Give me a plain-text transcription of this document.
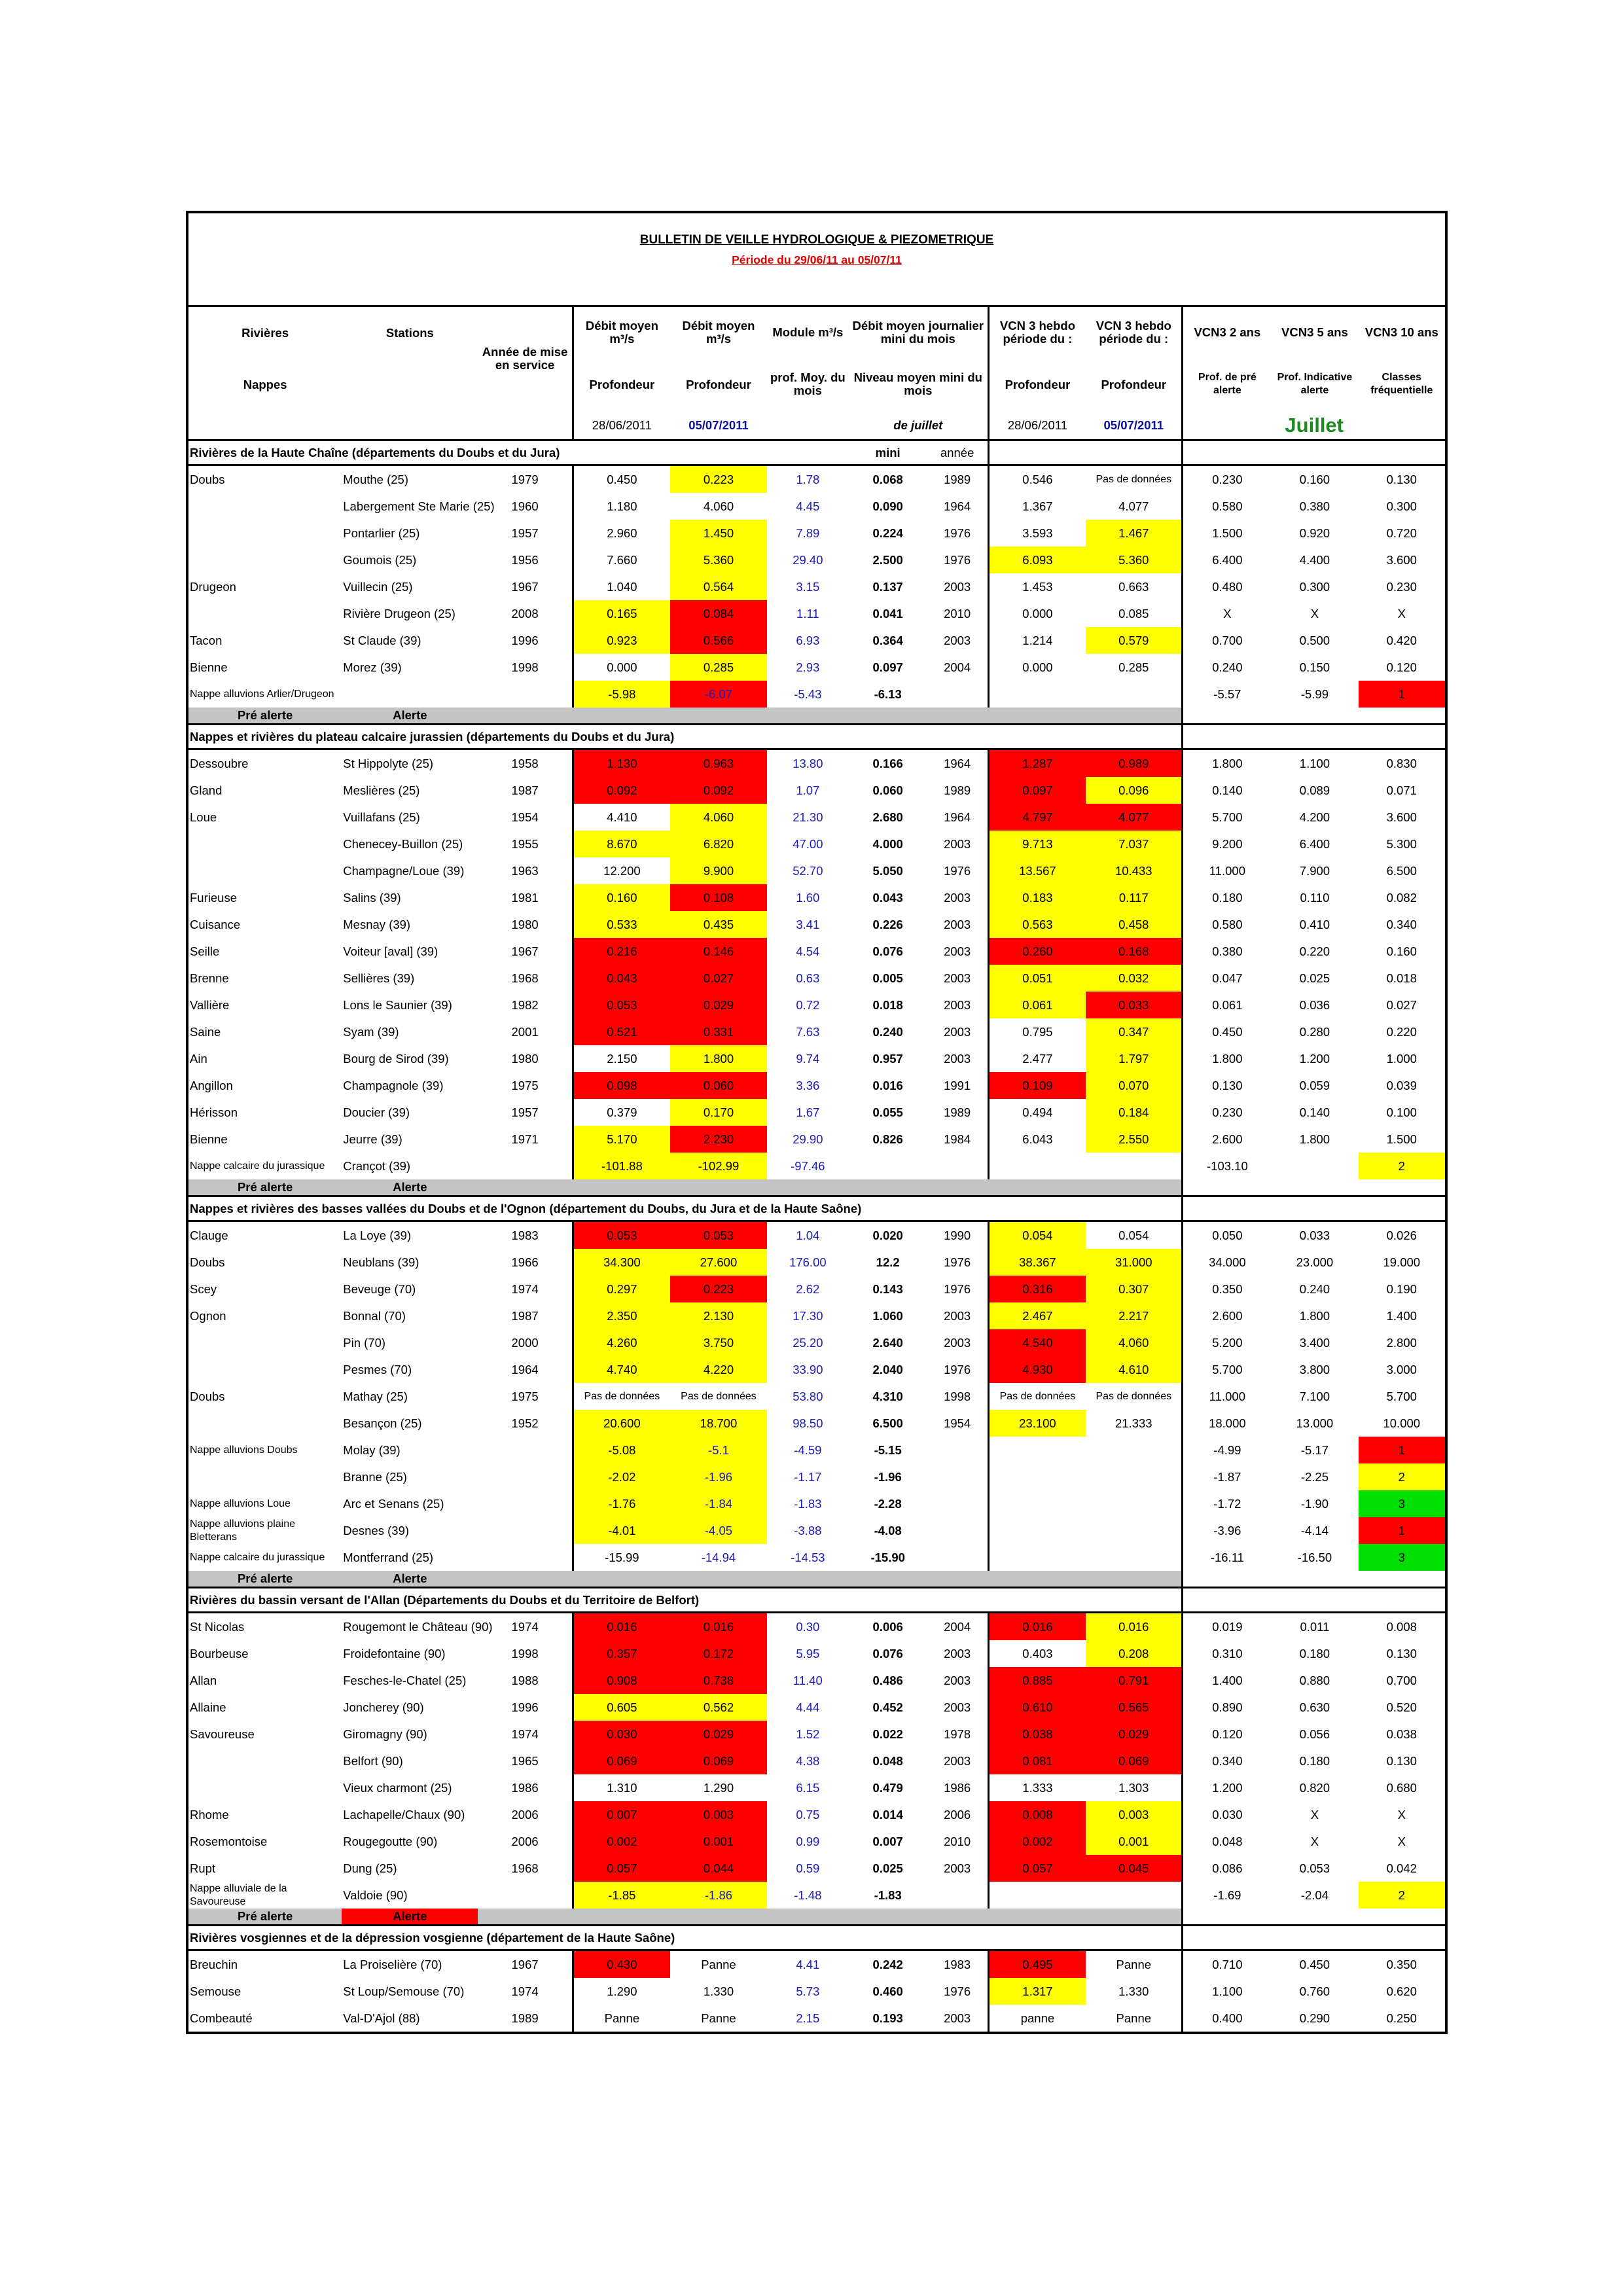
BULLETIN DE VEILLE HYDROLOGIQUE & PIEZOMETRIQUE
Période du 29/06/11 au 05/07/11												

Rivières	Stations	Année de mise en service	Débit moyen m³/s	Débit moyen m³/s	Module m³/s	Débit moyen journalier mini du mois		VCN 3 hebdo période du :	VCN 3 hebdo période du :	VCN3 2 ans	VCN3 5 ans	VCN3 10 ans
Nappes			Profondeur	Profondeur	prof. Moy. du mois	Niveau moyen mini du mois		Profondeur	Profondeur	Prof. de pré alerte	Prof. Indicative alerte	Classes fréquentielle
			28/06/2011	05/07/2011		de juillet		28/06/2011	05/07/2011	Juillet		
Rivières de la Haute Chaîne (départements du Doubs et du Jura)						mini	année					
Doubs	Mouthe (25)	1979	0.450	0.223	1.78	0.068	1989	0.546	Pas de données	0.230	0.160	0.130
	Labergement Ste Marie (25)	1960	1.180	4.060	4.45	0.090	1964	1.367	4.077	0.580	0.380	0.300
	Pontarlier (25)	1957	2.960	1.450	7.89	0.224	1976	3.593	1.467	1.500	0.920	0.720
	Goumois (25)	1956	7.660	5.360	29.40	2.500	1976	6.093	5.360	6.400	4.400	3.600
Drugeon	Vuillecin (25)	1967	1.040	0.564	3.15	0.137	2003	1.453	0.663	0.480	0.300	0.230
	Rivière Drugeon (25)	2008	0.165	0.084	1.11	0.041	2010	0.000	0.085	X	X	X
Tacon	St Claude (39)	1996	0.923	0.566	6.93	0.364	2003	1.214	0.579	0.700	0.500	0.420
Bienne	Morez (39)	1998	0.000	0.285	2.93	0.097	2004	0.000	0.285	0.240	0.150	0.120
Nappe alluvions Arlier/Drugeon			-5.98	-6.07	-5.43	-6.13				-5.57	-5.99	1
Pré alerte	Alerte											
Nappes et rivières du plateau calcaire jurassien (départements du Doubs et du Jura)												
Dessoubre	St Hippolyte (25)	1958	1.130	0.963	13.80	0.166	1964	1.287	0.989	1.800	1.100	0.830
Gland	Meslières (25)	1987	0.092	0.092	1.07	0.060	1989	0.097	0.096	0.140	0.089	0.071
Loue	Vuillafans (25)	1954	4.410	4.060	21.30	2.680	1964	4.797	4.077	5.700	4.200	3.600
	Chenecey-Buillon (25)	1955	8.670	6.820	47.00	4.000	2003	9.713	7.037	9.200	6.400	5.300
	Champagne/Loue (39)	1963	12.200	9.900	52.70	5.050	1976	13.567	10.433	11.000	7.900	6.500
Furieuse	Salins (39)	1981	0.160	0.108	1.60	0.043	2003	0.183	0.117	0.180	0.110	0.082
Cuisance	Mesnay (39)	1980	0.533	0.435	3.41	0.226	2003	0.563	0.458	0.580	0.410	0.340
Seille	Voiteur [aval] (39)	1967	0.216	0.146	4.54	0.076	2003	0.260	0.168	0.380	0.220	0.160
Brenne	Sellières (39)	1968	0.043	0.027	0.63	0.005	2003	0.051	0.032	0.047	0.025	0.018
Vallière	Lons le Saunier (39)	1982	0.053	0.029	0.72	0.018	2003	0.061	0.033	0.061	0.036	0.027
Saine	Syam (39)	2001	0.521	0.331	7.63	0.240	2003	0.795	0.347	0.450	0.280	0.220
Ain	Bourg de Sirod (39)	1980	2.150	1.800	9.74	0.957	2003	2.477	1.797	1.800	1.200	1.000
Angillon	Champagnole (39)	1975	0.098	0.060	3.36	0.016	1991	0.109	0.070	0.130	0.059	0.039
Hérisson	Doucier (39)	1957	0.379	0.170	1.67	0.055	1989	0.494	0.184	0.230	0.140	0.100
Bienne	Jeurre (39)	1971	5.170	2.230	29.90	0.826	1984	6.043	2.550	2.600	1.800	1.500
Nappe calcaire du jurassique	Crançot (39)		-101.88	-102.99	-97.46					-103.10		2
Pré alerte	Alerte											
Nappes et rivières des basses vallées du Doubs et de l'Ognon (département du Doubs, du Jura et de la Haute Saône)												
Clauge	La Loye (39)	1983	0.053	0.053	1.04	0.020	1990	0.054	0.054	0.050	0.033	0.026
Doubs	Neublans (39)	1966	34.300	27.600	176.00	12.2	1976	38.367	31.000	34.000	23.000	19.000
Scey	Beveuge (70)	1974	0.297	0.223	2.62	0.143	1976	0.316	0.307	0.350	0.240	0.190
Ognon	Bonnal (70)	1987	2.350	2.130	17.30	1.060	2003	2.467	2.217	2.600	1.800	1.400
	Pin (70)	2000	4.260	3.750	25.20	2.640	2003	4.540	4.060	5.200	3.400	2.800
	Pesmes (70)	1964	4.740	4.220	33.90	2.040	1976	4.930	4.610	5.700	3.800	3.000
Doubs	Mathay (25)	1975	Pas de données	Pas de données	53.80	4.310	1998	Pas de données	Pas de données	11.000	7.100	5.700
	Besançon (25)	1952	20.600	18.700	98.50	6.500	1954	23.100	21.333	18.000	13.000	10.000
Nappe alluvions Doubs	Molay (39)		-5.08	-5.1	-4.59	-5.15				-4.99	-5.17	1
	Branne (25)		-2.02	-1.96	-1.17	-1.96				-1.87	-2.25	2
Nappe alluvions Loue	Arc et Senans (25)		-1.76	-1.84	-1.83	-2.28				-1.72	-1.90	3
Nappe alluvions plaine Bletterans	Desnes (39)		-4.01	-4.05	-3.88	-4.08				-3.96	-4.14	1
Nappe calcaire du jurassique	Montferrand (25)		-15.99	-14.94	-14.53	-15.90				-16.11	-16.50	3
Pré alerte	Alerte											
Rivières du bassin versant de l'Allan (Départements du Doubs et du Territoire de Belfort)												
St Nicolas	Rougemont le Château (90)	1974	0.016	0.016	0.30	0.006	2004	0.016	0.016	0.019	0.011	0.008
Bourbeuse	Froidefontaine (90)	1998	0.357	0.172	5.95	0.076	2003	0.403	0.208	0.310	0.180	0.130
Allan	Fesches-le-Chatel (25)	1988	0.908	0.738	11.40	0.486	2003	0.885	0.791	1.400	0.880	0.700
Allaine	Joncherey (90)	1996	0.605	0.562	4.44	0.452	2003	0.610	0.565	0.890	0.630	0.520
Savoureuse	Giromagny (90)	1974	0.030	0.029	1.52	0.022	1978	0.038	0.029	0.120	0.056	0.038
	Belfort (90)	1965	0.069	0.069	4.38	0.048	2003	0.081	0.069	0.340	0.180	0.130
	Vieux charmont (25)	1986	1.310	1.290	6.15	0.479	1986	1.333	1.303	1.200	0.820	0.680
Rhome	Lachapelle/Chaux (90)	2006	0.007	0.003	0.75	0.014	2006	0.008	0.003	0.030	X	X
Rosemontoise	Rougegoutte (90)	2006	0.002	0.001	0.99	0.007	2010	0.002	0.001	0.048	X	X
Rupt	Dung (25)	1968	0.057	0.044	0.59	0.025	2003	0.057	0.045	0.086	0.053	0.042
Nappe alluviale de la Savoureuse	Valdoie (90)		-1.85	-1.86	-1.48	-1.83				-1.69	-2.04	2
Pré alerte	Alerte											
Rivières vosgiennes et de la dépression vosgienne (département de la Haute Saône)												
Breuchin	La Proiselière (70)	1967	0.430	Panne	4.41	0.242	1983	0.495	Panne	0.710	0.450	0.350
Semouse	St Loup/Semouse (70)	1974	1.290	1.330	5.73	0.460	1976	1.317	1.330	1.100	0.760	0.620
Combeauté	Val-D'Ajol (88)	1989	Panne	Panne	2.15	0.193	2003	panne	Panne	0.400	0.290	0.250
